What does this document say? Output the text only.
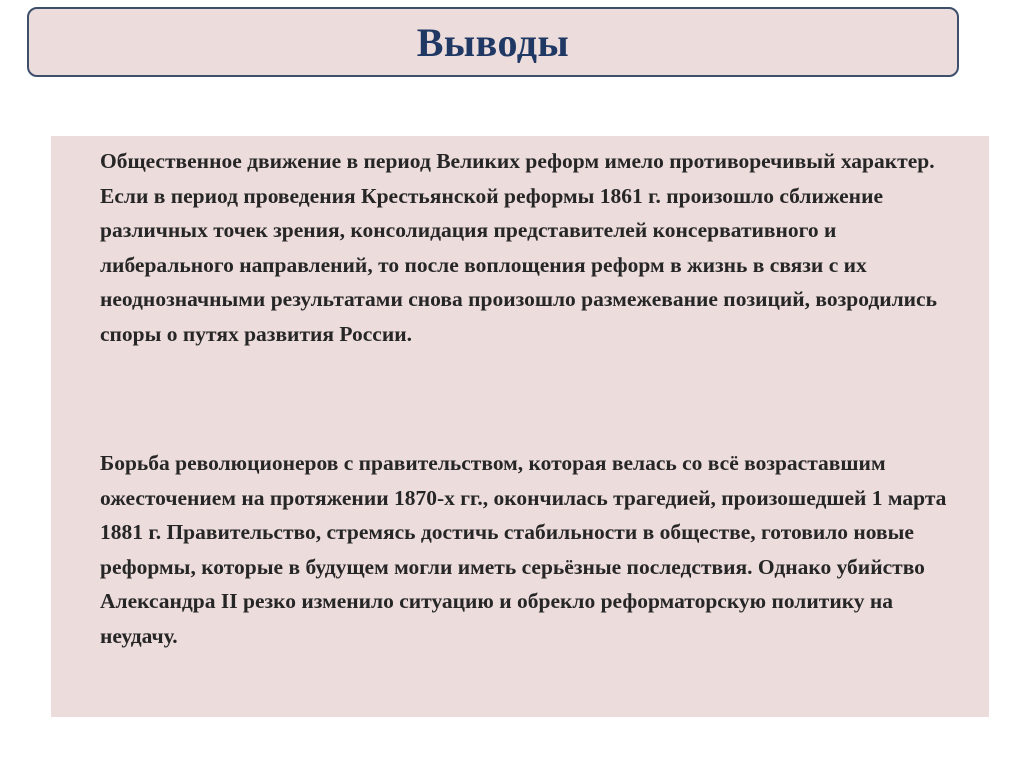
Выводы

Общественное движение в период Великих реформ имело противоречивый характер. Если в период проведения Крестьянской реформы 1861 г. произошло сближение различных точек зрения, консолидация представителей консервативного и либерального направлений, то после воплощения реформ в жизнь в связи с их неоднозначными результатами снова произошло размежевание позиций, возродились споры о путях развития России.

Борьба революционеров с правительством, которая велась со всё возраставшим ожесточением на протяжении 1870-х гг., окончилась трагедией, произошедшей 1 марта 1881 г. Правительство, стремясь достичь стабильности в обществе, готовило новые реформы, которые в будущем могли иметь серьёзные последствия. Однако убийство Александра II резко изменило ситуацию и обрекло реформаторскую политику на неудачу.
